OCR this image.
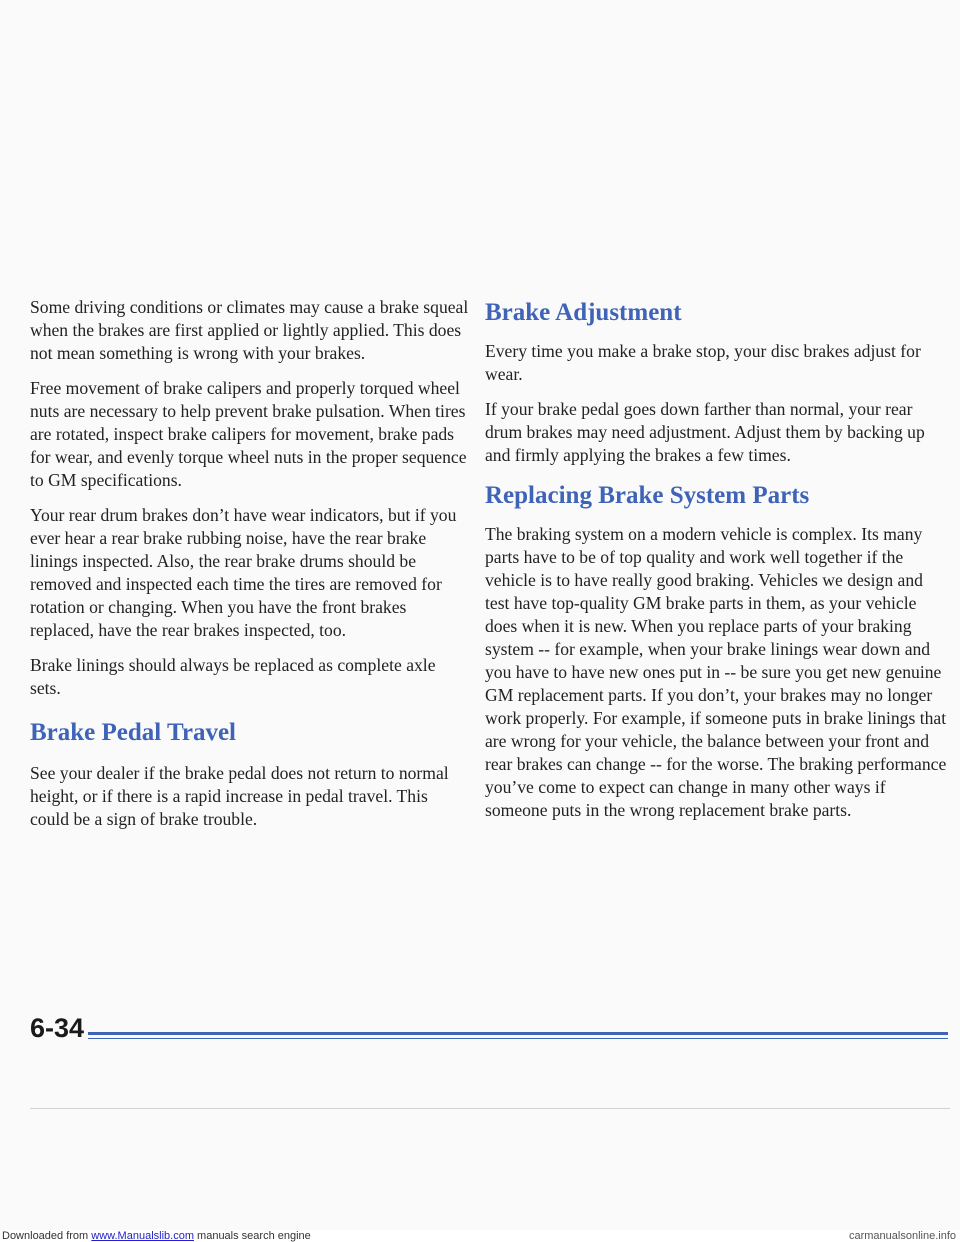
Some driving conditions or climates may cause a brake squeal when the brakes are first applied or lightly applied. This does not mean something is wrong with your brakes.

Free movement of brake calipers and properly torqued wheel nuts are necessary to help prevent brake pulsation. When tires are rotated, inspect brake calipers for movement, brake pads for wear, and evenly torque wheel nuts in the proper sequence to GM specifications.

Your rear drum brakes don’t have wear indicators, but if you ever hear a rear brake rubbing noise, have the rear brake linings inspected. Also, the rear brake drums should be removed and inspected each time the tires are removed for rotation or changing. When you have the front brakes replaced, have the rear brakes inspected, too.

Brake linings should always be replaced as complete axle sets.

Brake Pedal Travel

See your dealer if the brake pedal does not return to normal height, or if there is a rapid increase in pedal travel. This could be a sign of brake trouble.

Brake Adjustment

Every time you make a brake stop, your disc brakes adjust for wear.

If your brake pedal goes down farther than normal, your rear drum brakes may need adjustment. Adjust them by backing up and firmly applying the brakes a few times.

Replacing Brake System Parts

The braking system on a modern vehicle is complex. Its many parts have to be of top quality and work well together if the vehicle is to have really good braking. Vehicles we design and test have top-quality GM brake parts in them, as your vehicle does when it is new. When you replace parts of your braking system -- for example, when your brake linings wear down and you have to have new ones put in -- be sure you get new genuine GM replacement parts. If you don’t, your brakes may no longer work properly. For example, if someone puts in brake linings that are wrong for your vehicle, the balance between your front and rear brakes can change -- for the worse. The braking performance you’ve come to expect can change in many other ways if someone puts in the wrong replacement brake parts.

6-34
Downloaded from www.Manualslib.com manuals search engine	carmanualsonline.info
